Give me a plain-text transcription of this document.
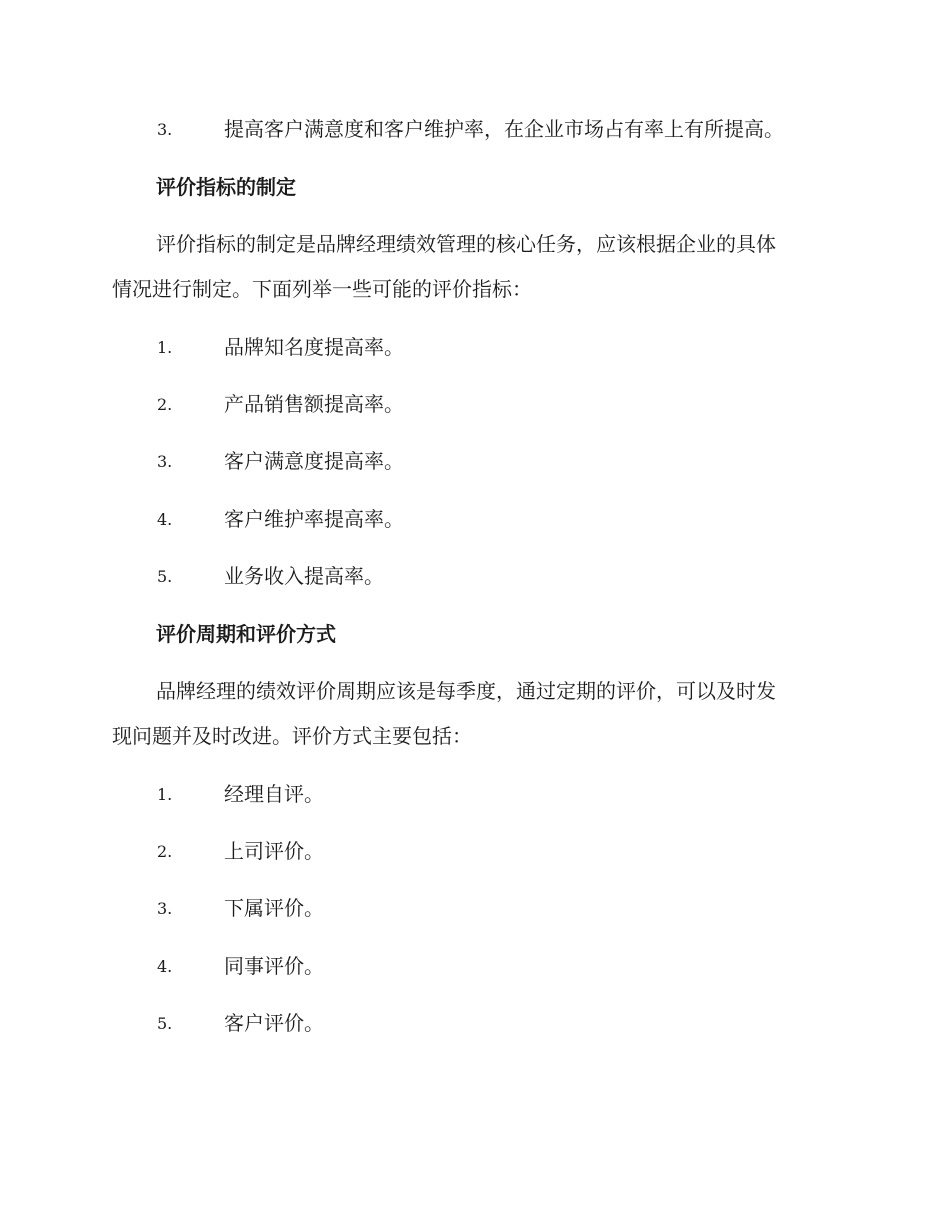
3.	提高客户满意度和客户维护率，在企业市场占有率上有所提高。
评价指标的制定
评价指标的制定是品牌经理绩效管理的核心任务，应该根据企业的具体
情况进行制定。下面列举一些可能的评价指标：
1.	品牌知名度提高率。
2.	产品销售额提高率。
3.	客户满意度提高率。
4.	客户维护率提高率。
5.	业务收入提高率。
评价周期和评价方式
品牌经理的绩效评价周期应该是每季度，通过定期的评价，可以及时发
现问题并及时改进。评价方式主要包括：
1.	经理自评。
2.	上司评价。
3.	下属评价。
4.	同事评价。
5.	客户评价。
